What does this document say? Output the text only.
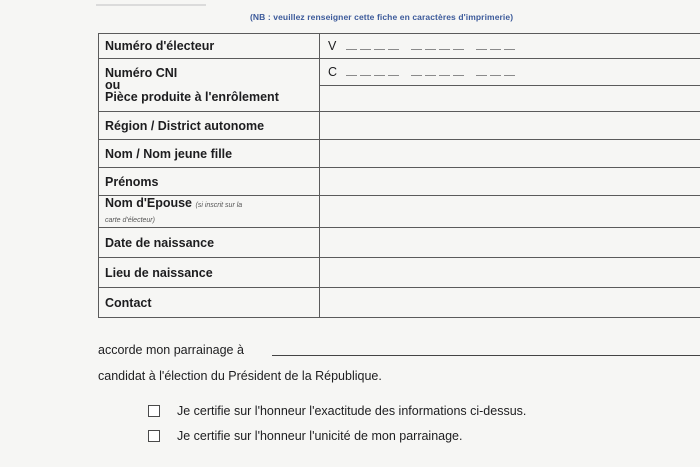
(NB : veuillez renseigner cette fiche en caractères d'imprimerie)
Numéro d'électeur	V

Numéro CNI
ou
Pièce produite à l'enrôlement	C

Région / District autonome	
Nom / Nom jeune fille	
Prénoms	
Nom d'Epouse (si inscrit sur la
carte d'électeur)	
Date de naissance	
Lieu de naissance	
Contact	
accorde mon parrainage à
candidat à l'élection du Président de la République.
Je certifie sur l'honneur l'exactitude des informations ci-dessus.
Je certifie sur l'honneur l'unicité de mon parrainage.
